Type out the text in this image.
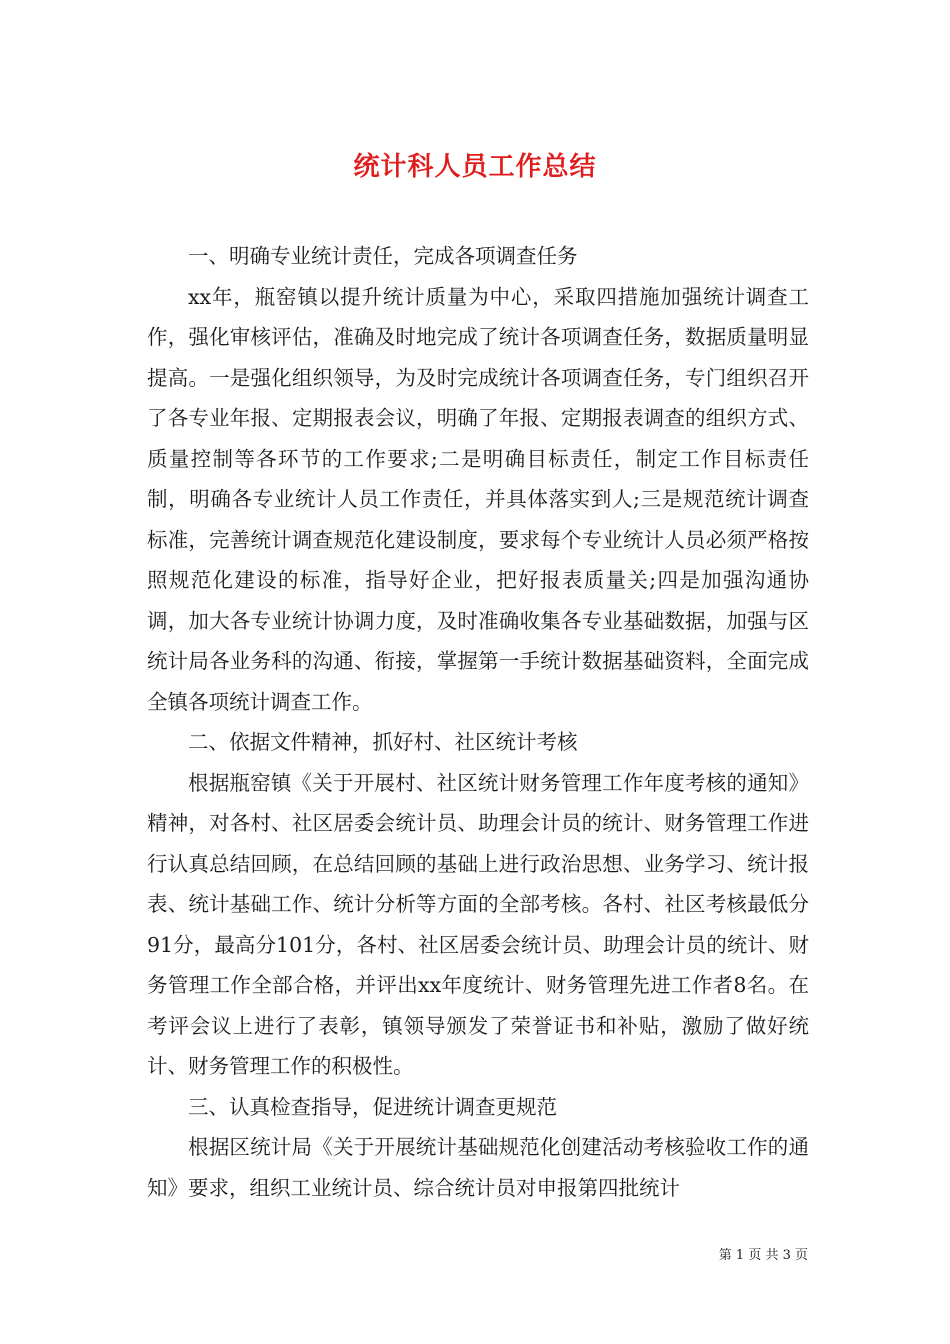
统计科人员工作总结

一、明确专业统计责任，完成各项调查任务

xx年，瓶窑镇以提升统计质量为中心，采取四措施加强统计调查工作，强化审核评估，准确及时地完成了统计各项调查任务，数据质量明显提高。一是强化组织领导，为及时完成统计各项调查任务，专门组织召开了各专业年报、定期报表会议，明确了年报、定期报表调查的组织方式、质量控制等各环节的工作要求;二是明确目标责任，制定工作目标责任制，明确各专业统计人员工作责任，并具体落实到人;三是规范统计调查标准，完善统计调查规范化建设制度，要求每个专业统计人员必须严格按照规范化建设的标准，指导好企业，把好报表质量关;四是加强沟通协调，加大各专业统计协调力度，及时准确收集各专业基础数据，加强与区统计局各业务科的沟通、衔接，掌握第一手统计数据基础资料，全面完成全镇各项统计调查工作。

二、依据文件精神，抓好村、社区统计考核

根据瓶窑镇《关于开展村、社区统计财务管理工作年度考核的通知》精神，对各村、社区居委会统计员、助理会计员的统计、财务管理工作进行认真总结回顾，在总结回顾的基础上进行政治思想、业务学习、统计报表、统计基础工作、统计分析等方面的全部考核。各村、社区考核最低分91分，最高分101分，各村、社区居委会统计员、助理会计员的统计、财务管理工作全部合格，并评出xx年度统计、财务管理先进工作者8名。在考评会议上进行了表彰，镇领导颁发了荣誉证书和补贴，激励了做好统计、财务管理工作的积极性。

三、认真检查指导，促进统计调查更规范

根据区统计局《关于开展统计基础规范化创建活动考核验收工作的通知》要求，组织工业统计员、综合统计员对申报第四批统计

第 1 页 共 3 页
